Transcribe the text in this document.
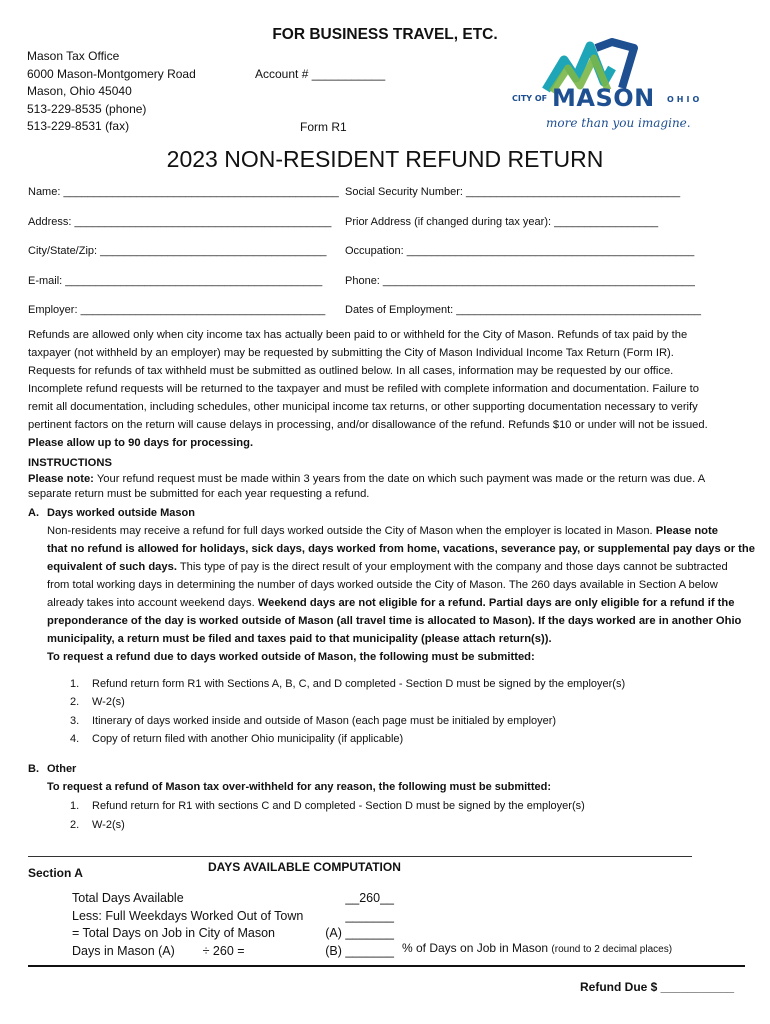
FOR BUSINESS TRAVEL, ETC.
Mason Tax Office
6000 Mason-Montgomery Road
Mason, Ohio 45040
513-229-8535 (phone)
513-229-8531 (fax)
Account # ___________
Form R1
CITY OF MASON OHIO
more than you imagine.
2023 NON-RESIDENT REFUND RETURN
Name: _____________________________________________ Social Security Number: ___________________________________
Address: __________________________________________ Prior Address (if changed during tax year): _________________
City/State/Zip: _____________________________________ Occupation: _______________________________________________
E-mail: __________________________________________ Phone: ___________________________________________________
Employer: ________________________________________ Dates of Employment: ________________________________________
Refunds are allowed only when city income tax has actually been paid to or withheld for the City of Mason. Refunds of tax paid by the
taxpayer (not withheld by an employer) may be requested by submitting the City of Mason Individual Income Tax Return (Form IR).
Requests for refunds of tax withheld must be submitted as outlined below. In all cases, information may be requested by our office.
Incomplete refund requests will be returned to the taxpayer and must be refiled with complete information and documentation. Failure to
remit all documentation, including schedules, other municipal income tax returns, or other supporting documentation necessary to verify
pertinent factors on the return will cause delays in processing, and/or disallowance of the refund. Refunds $10 or under will not be issued.
Please allow up to 90 days for processing.
INSTRUCTIONS
Please note: Your refund request must be made within 3 years from the date on which such payment was made or the return was due. A
separate return must be submitted for each year requesting a refund.
A. Days worked outside Mason
Non-residents may receive a refund for full days worked outside the City of Mason when the employer is located in Mason. Please note
that no refund is allowed for holidays, sick days, days worked from home, vacations, severance pay, or supplemental pay days or the
equivalent of such days. This type of pay is the direct result of your employment with the company and those days cannot be subtracted
from total working days in determining the number of days worked outside the City of Mason. The 260 days available in Section A below
already takes into account weekend days. Weekend days are not eligible for a refund. Partial days are only eligible for a refund if the
preponderance of the day is worked outside of Mason (all travel time is allocated to Mason). If the days worked are in another Ohio
municipality, a return must be filed and taxes paid to that municipality (please attach return(s)).
To request a refund due to days worked outside of Mason, the following must be submitted:
1. Refund return form R1 with Sections A, B, C, and D completed - Section D must be signed by the employer(s)
2. W-2(s)
3. Itinerary of days worked inside and outside of Mason (each page must be initialed by employer)
4. Copy of return filed with another Ohio municipality (if applicable)
B. Other
To request a refund of Mason tax over-withheld for any reason, the following must be submitted:
1. Refund return for R1 with sections C and D completed - Section D must be signed by the employer(s)
2. W-2(s)
Section A	DAYS AVAILABLE COMPUTATION
Total Days Available
Less: Full Weekdays Worked Out of Town
= Total Days on Job in City of Mason
Days in Mason (A)        ÷ 260 =
__260__
_______
(A) _______
(B) _______ % of Days on Job in Mason (round to 2 decimal places)
Refund Due $ ___________
